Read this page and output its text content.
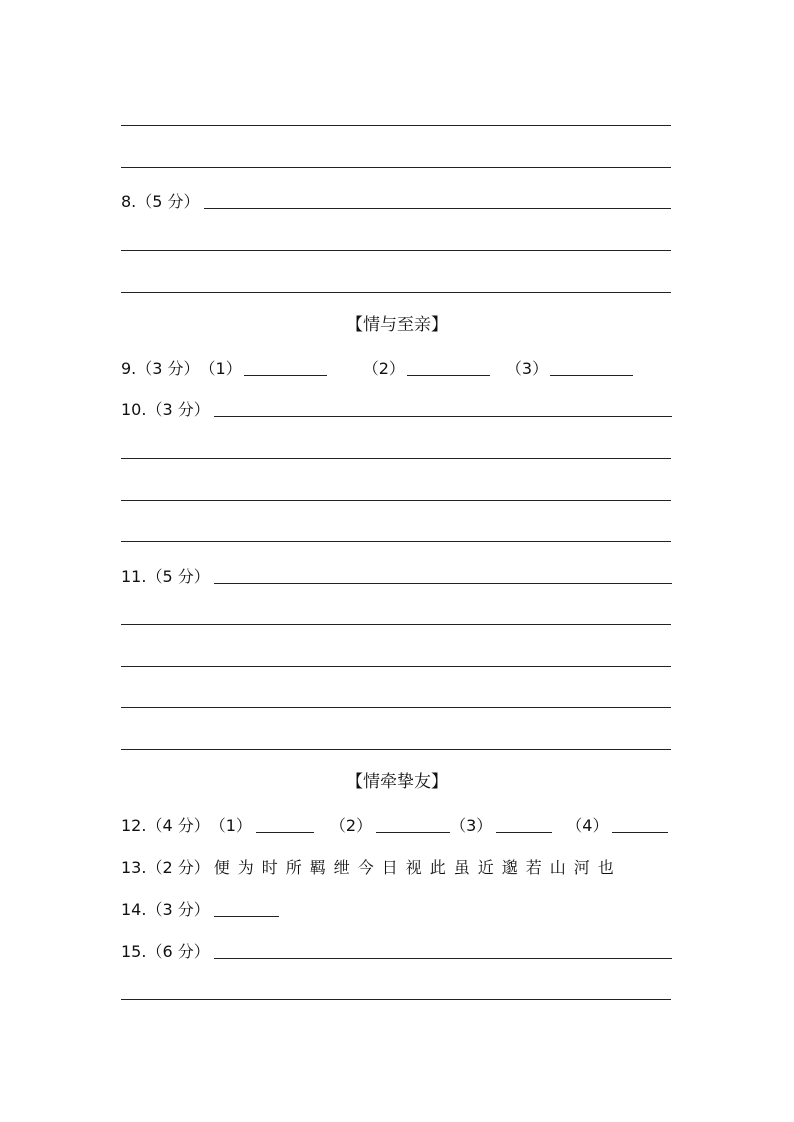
8.（5 分）
【情与至亲】
9.（3 分） （1）	（2）	（3）
10.（3 分）
11.（5 分）
【情牵挚友】
12.（4 分） （1）	（2）	（3）	（4）
13.（2 分） 便 为 时 所 羁 绁 今 日 视 此 虽 近 邈 若 山 河 也
14.（3 分）
15.（6 分）
